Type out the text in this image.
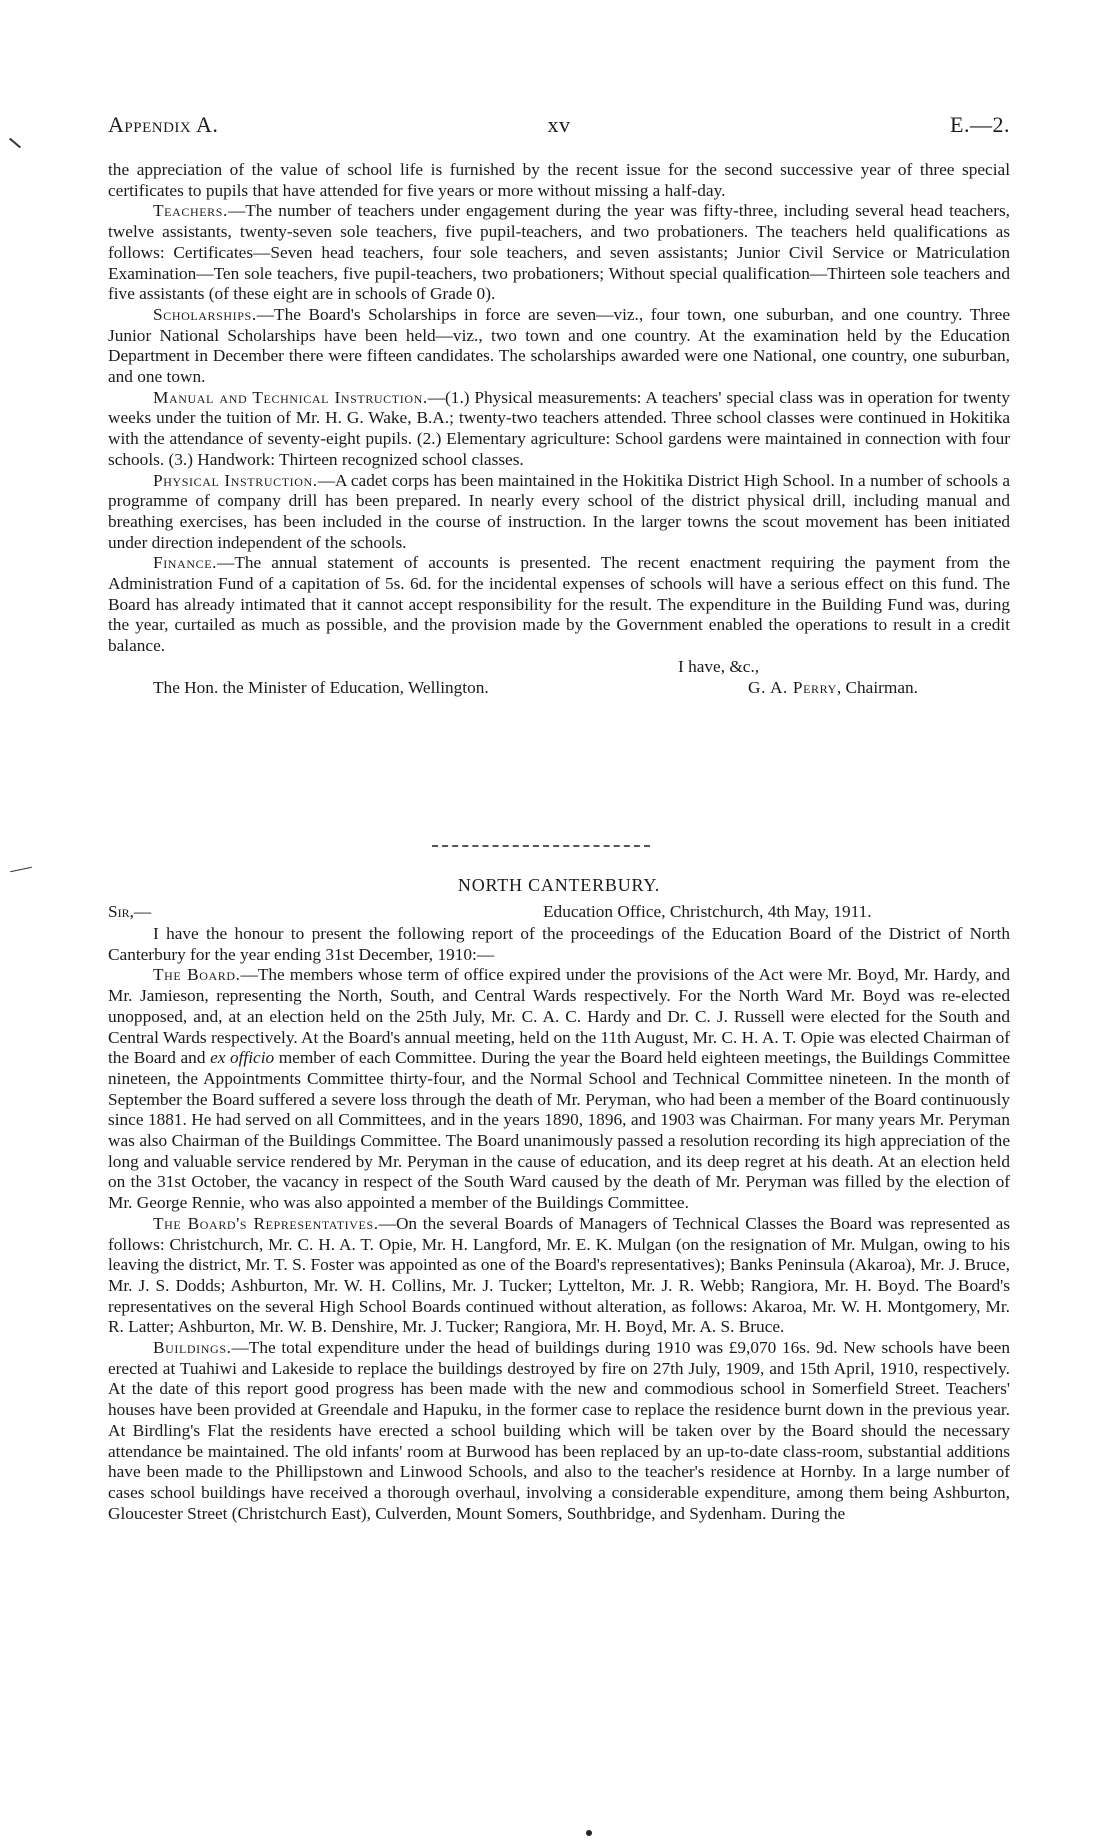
Appendix A.	xv	E.—2.

the appreciation of the value of school life is furnished by the recent issue for the second successive year of three special certificates to pupils that have attended for five years or more without missing a half-day.

Teachers.—The number of teachers under engagement during the year was fifty-three, including several head teachers, twelve assistants, twenty-seven sole teachers, five pupil-teachers, and two probationers. The teachers held qualifications as follows: Certificates—Seven head teachers, four sole teachers, and seven assistants; Junior Civil Service or Matriculation Examination—Ten sole teachers, five pupil-teachers, two probationers; Without special qualification—Thirteen sole teachers and five assistants (of these eight are in schools of Grade 0).

Scholarships.—The Board's Scholarships in force are seven—viz., four town, one suburban, and one country. Three Junior National Scholarships have been held—viz., two town and one country. At the examination held by the Education Department in December there were fifteen candidates. The scholarships awarded were one National, one country, one suburban, and one town.

Manual and Technical Instruction.—(1.) Physical measurements: A teachers' special class was in operation for twenty weeks under the tuition of Mr. H. G. Wake, B.A.; twenty-two teachers attended. Three school classes were continued in Hokitika with the attendance of seventy-eight pupils. (2.) Elementary agriculture: School gardens were maintained in connection with four schools. (3.) Handwork: Thirteen recognized school classes.

Physical Instruction.—A cadet corps has been maintained in the Hokitika District High School. In a number of schools a programme of company drill has been prepared. In nearly every school of the district physical drill, including manual and breathing exercises, has been included in the course of instruction. In the larger towns the scout movement has been initiated under direction independent of the schools.

Finance.—The annual statement of accounts is presented. The recent enactment requiring the payment from the Administration Fund of a capitation of 5s. 6d. for the incidental expenses of schools will have a serious effect on this fund. The Board has already intimated that it cannot accept responsibility for the result. The expenditure in the Building Fund was, during the year, curtailed as much as possible, and the provision made by the Government enabled the operations to result in a credit balance.

I have, &c.,
The Hon. the Minister of Education, Wellington.	G. A. Perry, Chairman.
NORTH CANTERBURY.
Sir,—	Education Office, Christchurch, 4th May, 1911.

I have the honour to present the following report of the proceedings of the Education Board of the District of North Canterbury for the year ending 31st December, 1910:—

The Board.—The members whose term of office expired under the provisions of the Act were Mr. Boyd, Mr. Hardy, and Mr. Jamieson, representing the North, South, and Central Wards respectively. For the North Ward Mr. Boyd was re-elected unopposed, and, at an election held on the 25th July, Mr. C. A. C. Hardy and Dr. C. J. Russell were elected for the South and Central Wards respectively. At the Board's annual meeting, held on the 11th August, Mr. C. H. A. T. Opie was elected Chairman of the Board and ex officio member of each Committee. During the year the Board held eighteen meetings, the Buildings Committee nineteen, the Appointments Committee thirty-four, and the Normal School and Technical Committee nineteen. In the month of September the Board suffered a severe loss through the death of Mr. Peryman, who had been a member of the Board continuously since 1881. He had served on all Committees, and in the years 1890, 1896, and 1903 was Chairman. For many years Mr. Peryman was also Chairman of the Buildings Committee. The Board unanimously passed a resolution recording its high appreciation of the long and valuable service rendered by Mr. Peryman in the cause of education, and its deep regret at his death. At an election held on the 31st October, the vacancy in respect of the South Ward caused by the death of Mr. Peryman was filled by the election of Mr. George Rennie, who was also appointed a member of the Buildings Committee.

The Board's Representatives.—On the several Boards of Managers of Technical Classes the Board was represented as follows: Christchurch, Mr. C. H. A. T. Opie, Mr. H. Langford, Mr. E. K. Mulgan (on the resignation of Mr. Mulgan, owing to his leaving the district, Mr. T. S. Foster was appointed as one of the Board's representatives); Banks Peninsula (Akaroa), Mr. J. Bruce, Mr. J. S. Dodds; Ashburton, Mr. W. H. Collins, Mr. J. Tucker; Lyttelton, Mr. J. R. Webb; Rangiora, Mr. H. Boyd. The Board's representatives on the several High School Boards continued without alteration, as follows: Akaroa, Mr. W. H. Montgomery, Mr. R. Latter; Ashburton, Mr. W. B. Denshire, Mr. J. Tucker; Rangiora, Mr. H. Boyd, Mr. A. S. Bruce.

Buildings.—The total expenditure under the head of buildings during 1910 was £9,070 16s. 9d. New schools have been erected at Tuahiwi and Lakeside to replace the buildings destroyed by fire on 27th July, 1909, and 15th April, 1910, respectively. At the date of this report good progress has been made with the new and commodious school in Somerfield Street. Teachers' houses have been provided at Greendale and Hapuku, in the former case to replace the residence burnt down in the previous year. At Birdling's Flat the residents have erected a school building which will be taken over by the Board should the necessary attendance be maintained. The old infants' room at Burwood has been replaced by an up-to-date class-room, substantial additions have been made to the Phillipstown and Linwood Schools, and also to the teacher's residence at Hornby. In a large number of cases school buildings have received a thorough overhaul, involving a considerable expenditure, among them being Ashburton, Gloucester Street (Christchurch East), Culverden, Mount Somers, Southbridge, and Sydenham. During the
